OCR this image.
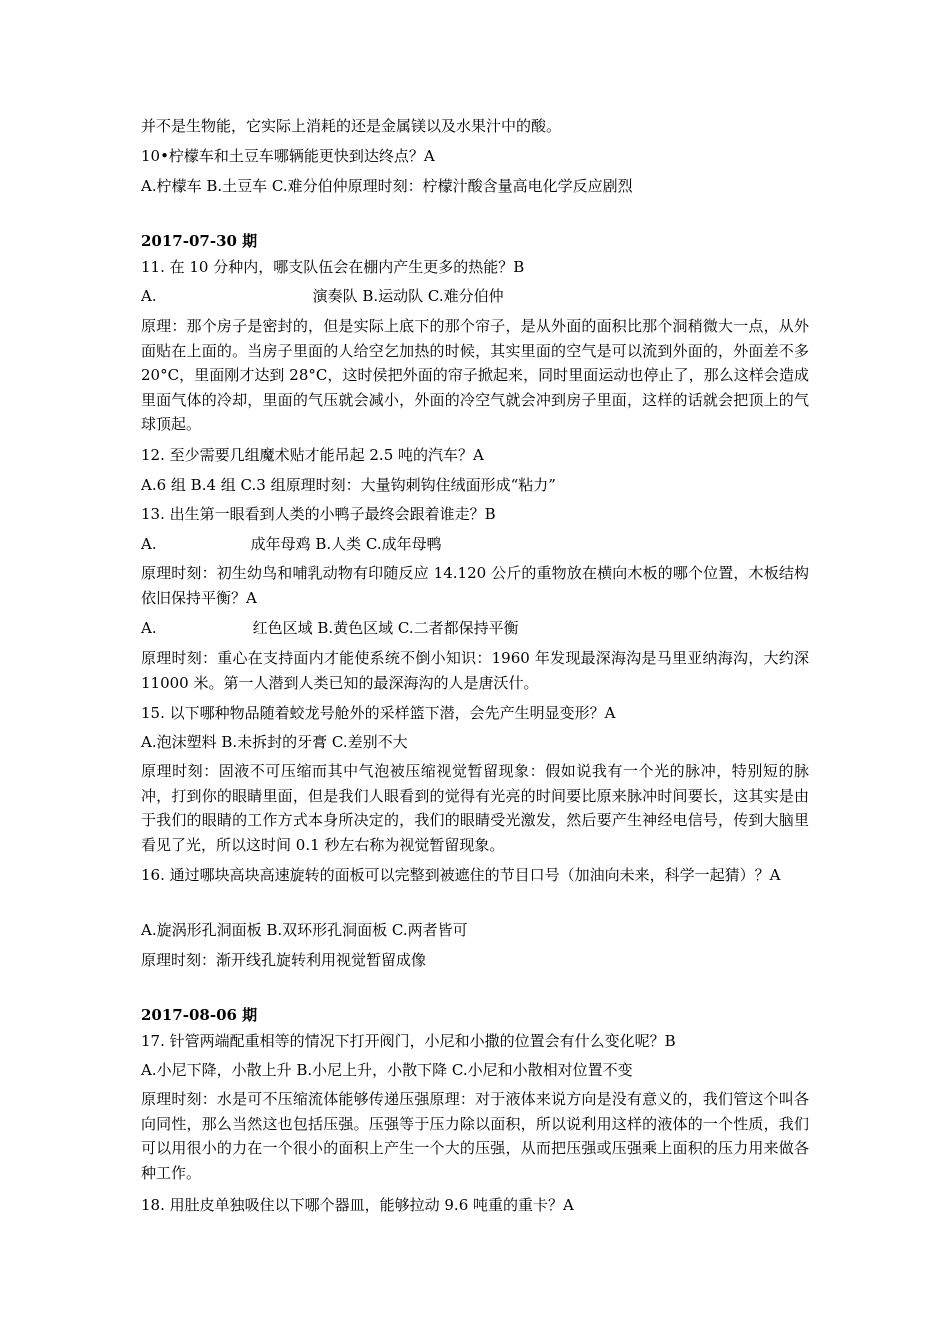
并不是生物能，它实际上消耗的还是金属镁以及水果汁中的酸。

10•柠檬车和土豆车哪辆能更快到达终点？A

A.柠檬车 B.土豆车 C.难分伯仲原理时刻：柠檬汁酸含量高电化学反应剧烈

2017-07-30 期

11. 在 10 分种内，哪支队伍会在棚内产生更多的热能？B

A.	演奏队 B.运动队 C.难分伯仲

原理：那个房子是密封的，但是实际上底下的那个帘子，是从外面的面积比那个洞稍微大一点，从外面贴在上面的。当房子里面的人给空乞加热的时候，其实里面的空气是可以流到外面的，外面差不多 20°C，里面刚才达到 28°C，这时侯把外面的帘子掀起来，同时里面运动也停止了，那么这样会造成里面气体的冷却，里面的气压就会减小，外面的冷空气就会冲到房子里面，这样的话就会把顶上的气球顶起。

12. 至少需要几组魔术贴才能吊起 2.5 吨的汽车？A

A.6 组 B.4 组 C.3 组原理时刻：大量钩刺钩住绒面形成“粘力”

13. 出生第一眼看到人类的小鸭子最终会跟着谁走？B

A.	成年母鸡 B.人类 C.成年母鸭

原理时刻：初生幼鸟和哺乳动物有印随反应 14.120 公斤的重物放在横向木板的哪个位置，木板结构依旧保持平衡？A

A.	红色区域 B.黄色区域 C.二者都保持平衡

原理时刻：重心在支持面内才能使系统不倒小知识：1960 年发现最深海沟是马里亚纳海沟，大约深 11000 米。第一人潜到人类已知的最深海沟的人是唐沃什。

15. 以下哪种物品随着蛟龙号舱外的采样篮下潜，会先产生明显变形？A

A.泡沫塑料 B.未拆封的牙膏 C.差别不大

原理时刻：固液不可压缩而其中气泡被压缩视觉暂留现象：假如说我有一个光的脉冲，特别短的脉冲，打到你的眼睛里面，但是我们人眼看到的觉得有光亮的时间要比原来脉冲时间要长，这其实是由于我们的眼睛的工作方式本身所决定的，我们的眼睛受光激发，然后要产生神经电信号，传到大脑里看见了光，所以这时间 0.1 秒左右称为视觉暂留现象。

16. 通过哪块高块高速旋转的面板可以完整到被遮住的节目口号（加油向未来，科学一起猜）？A

A.旋涡形孔洞面板 B.双环形孔洞面板 C.两者皆可

原理时刻：渐开线孔旋转利用视觉暂留成像

2017-08-06 期

17. 针管两端配重相等的情况下打开阀门，小尼和小撒的位置会有什么变化呢？B

A.小尼下降，小散上升 B.小尼上升，小散下降 C.小尼和小散相对位置不变

原理时刻：水是可不压缩流体能够传递压强原理：对于液体来说方向是没有意义的，我们管这个叫各向同性，那么当然这也包括压强。压强等于压力除以面积，所以说利用这样的液体的一个性质，我们可以用很小的力在一个很小的面积上产生一个大的压强，从而把压强或压强乘上面积的压力用来做各种工作。

18. 用肚皮单独吸住以下哪个器皿，能够拉动 9.6 吨重的重卡？A
